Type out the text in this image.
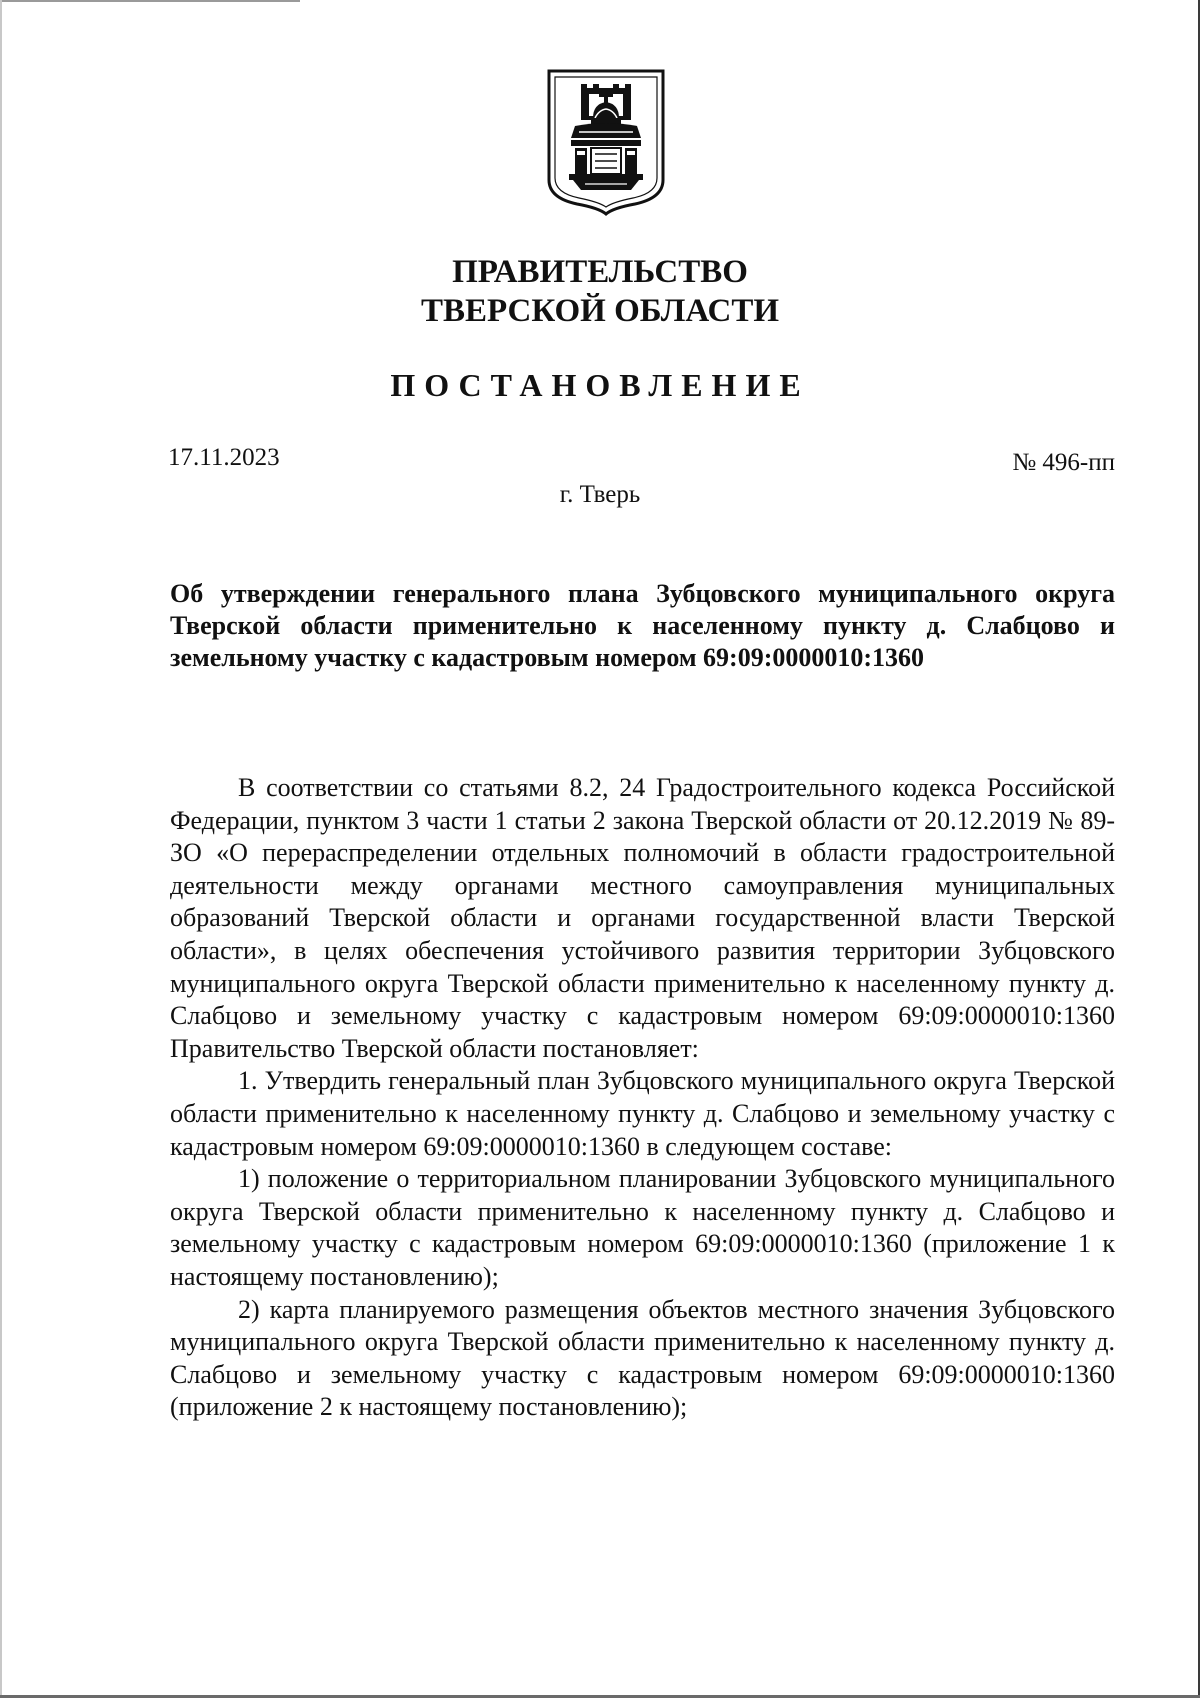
ПРАВИТЕЛЬСТВО
ТВЕРСКОЙ ОБЛАСТИ
ПОСТАНОВЛЕНИЕ
17.11.2023	№ 496-пп
г. Тверь
Об утверждении генерального плана Зубцовского муниципального округа Тверской области применительно к населенному пункту д. Слабцово и земельному участку с кадастровым номером 69:09:0000010:1360

В соответствии со статьями 8.2, 24 Градостроительного кодекса Российской Федерации, пунктом 3 части 1 статьи 2 закона Тверской области от 20.12.2019 № 89-ЗО «О перераспределении отдельных полномочий в области градостроительной деятельности между органами местного самоуправления муниципальных образований Тверской области и органами государственной власти Тверской области», в целях обеспечения устойчивого развития территории Зубцовского муниципального округа Тверской области применительно к населенному пункту д. Слабцово и земельному участку с кадастровым номером 69:09:0000010:1360 Правительство Тверской области постановляет:

1. Утвердить генеральный план Зубцовского муниципального округа Тверской области применительно к населенному пункту д. Слабцово и земельному участку с кадастровым номером 69:09:0000010:1360 в следующем составе:

1) положение о территориальном планировании Зубцовского муниципального округа Тверской области применительно к населенному пункту д. Слабцово и земельному участку с кадастровым номером 69:09:0000010:1360 (приложение 1 к настоящему постановлению);

2) карта планируемого размещения объектов местного значения Зубцовского муниципального округа Тверской области применительно к населенному пункту д. Слабцово и земельному участку с кадастровым номером 69:09:0000010:1360 (приложение 2 к настоящему постановлению);
